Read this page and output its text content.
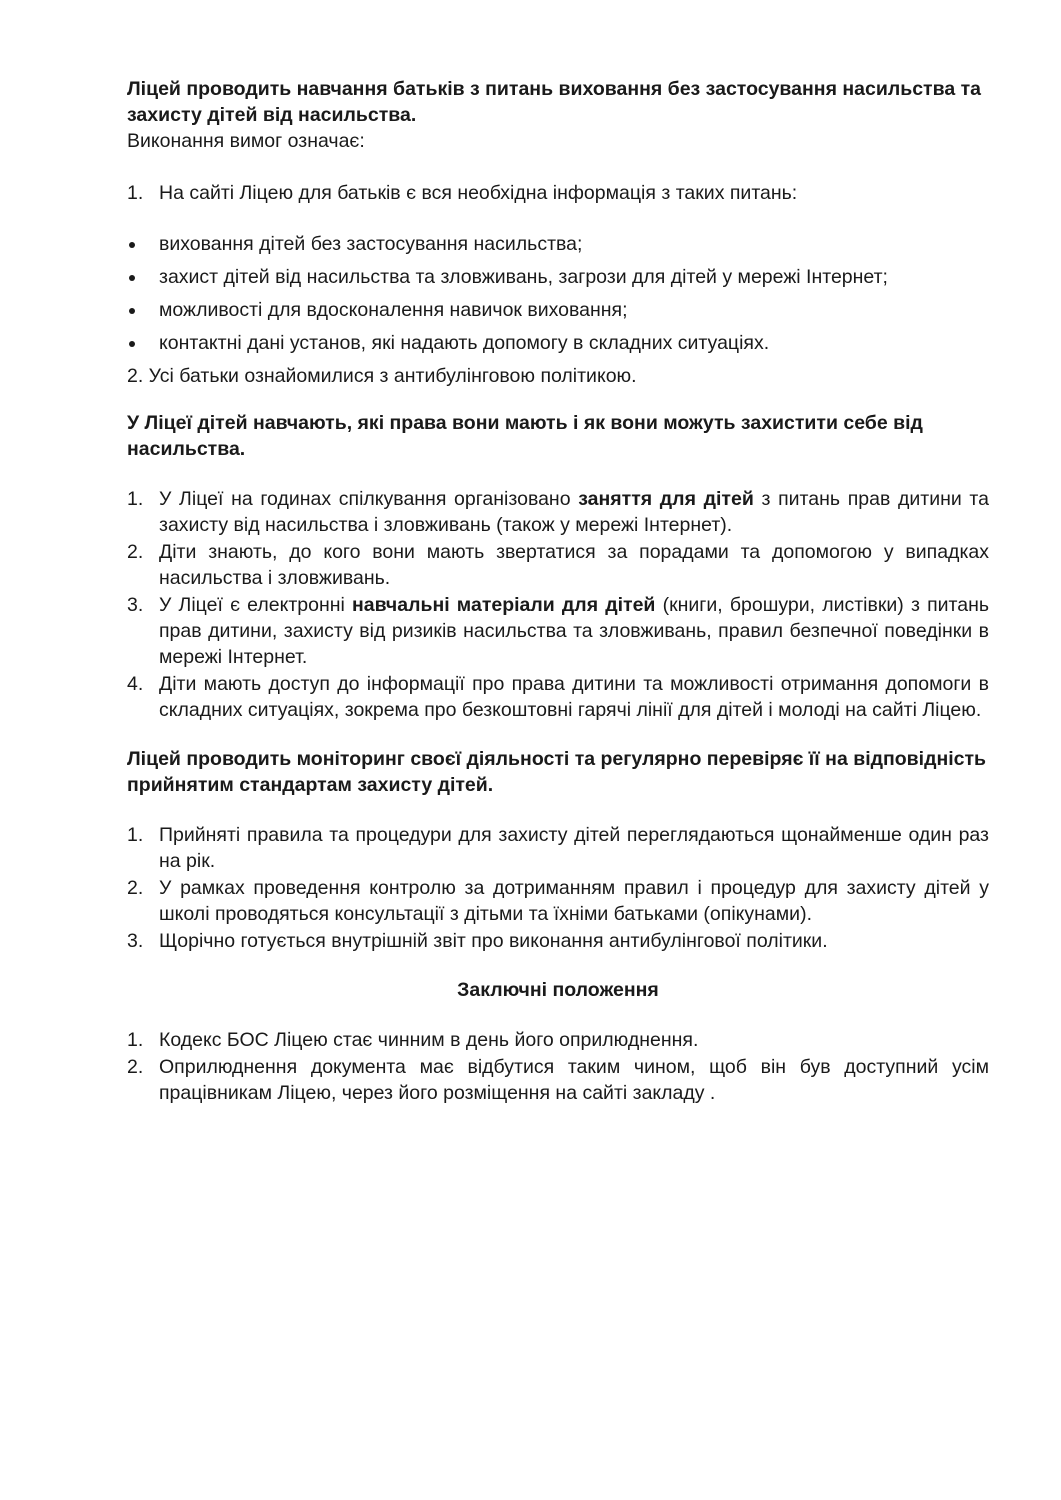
Ліцей проводить навчання батьків з питань виховання без застосування насильства та захисту дітей від насильства.

Виконання вимог означає:

1. На сайті Ліцею для батьків є вся необхідна інформація з таких питань:
виховання дітей без застосування насильства;
захист дітей від насильства та зловживань, загрози для дітей у мережі Інтернет;
можливості для вдосконалення навичок виховання;
контактні дані установ, які надають допомогу в складних ситуаціях.

2. Усі батьки ознайомилися з антибулінговою політикою.

У Ліцеї дітей навчають, які права вони мають і як вони можуть захистити себе від насильства.

1. У Ліцеї на годинах спілкування організовано заняття для дітей з питань прав дитини та захисту від насильства і зловживань (також у мережі Інтернет).
2. Діти знають, до кого вони мають звертатися за порадами та допомогою у випадках насильства і зловживань.
3. У Ліцеї є електронні навчальні матеріали для дітей (книги, брошури, листівки) з питань прав дитини, захисту від ризиків насильства та зловживань, правил безпечної поведінки в мережі Інтернет.
4. Діти мають доступ до інформації про права дитини та можливості отримання допомоги в складних ситуаціях, зокрема про безкоштовні гарячі лінії для дітей і молоді на сайті Ліцею.

Ліцей проводить моніторинг своєї діяльності та регулярно перевіряє її на відповідність прийнятим стандартам захисту дітей.

1. Прийняті правила та процедури для захисту дітей переглядаються щонайменше один раз на рік.
2. У рамках проведення контролю за дотриманням правил і процедур для захисту дітей у школі проводяться консультації з дітьми та їхніми батьками (опікунами).
3. Щорічно готується внутрішній звіт про виконання антибулінгової політики.

Заключні положення

1. Кодекс БОС Ліцею стає чинним в день його оприлюднення.
2. Оприлюднення документа має відбутися таким чином, щоб він був доступний усім працівникам Ліцею, через його розміщення на сайті закладу .
